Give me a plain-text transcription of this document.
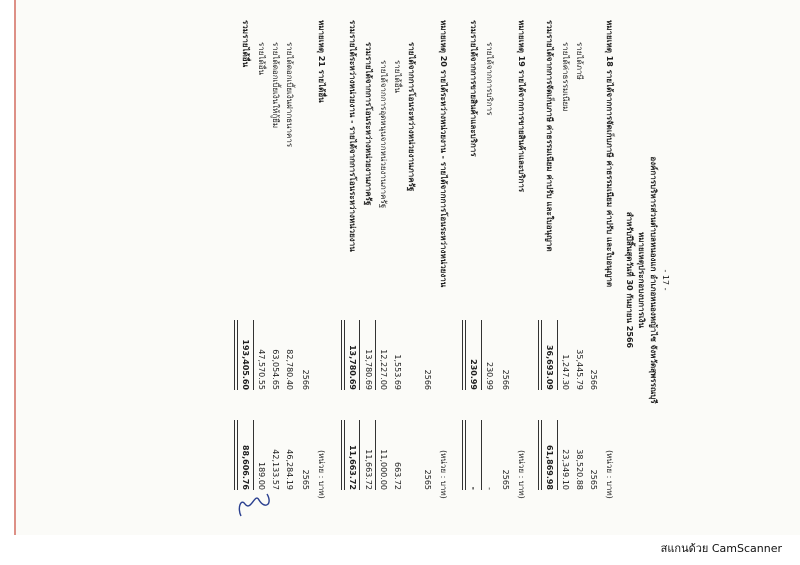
- 17 -
องค์การบริหารส่วนตำบลหนองแก อำเภอหนองหญ้าไซ จังหวัดสุพรรณบุรี
หมายเหตุประกอบงบการเงิน
สำหรับปีสิ้นสุดวันที่ 30 กันยายน 2566
หมายเหตุ 18 รายได้จากการจัดเก็บภาษี ค่าธรรมเนียม ค่าปรับ และใบอนุญาต
(หน่วย : บาท)
2566
2565
รายได้ภาษี
35,445.79
38,520.88
รายได้ค่าธรรมเนียม
1,247.30
23,349.10
รวมรายได้จากการจัดเก็บภาษี ค่าธรรมเนียม ค่าปรับ และใบอนุญาต
36,693.09
61,869.98
หมายเหตุ 19 รายได้จากการขายสินค้าและบริการ
(หน่วย : บาท)
2566
2565
รายได้จากการบริการ
230.99
-
รวมรายได้จากการขายสินค้าและบริการ
230.99
-
หมายเหตุ 20 รายได้ระหว่างหน่วยงาน - รายได้จากการโอนระหว่างหน่วยงาน
(หน่วย : บาท)
2566
2565
รายได้จากการโอนระหว่างหน่วยงานภาครัฐ
รายได้อื่น
1,553.69
663.72
รายได้จากการอุดหนุนจากหน่วยงานภาครัฐ
12,227.00
11,000.00
รวมรายได้จากการโอนระหว่างหน่วยงานภาครัฐ
13,780.69
11,663.72
รวมรายได้ระหว่างหน่วยงาน - รายได้จากการโอนระหว่างหน่วยงาน
13,780.69
11,663.72
หมายเหตุ 21 รายได้อื่น
(หน่วย : บาท)
2566
2565
รายได้ดอกเบี้ยเงินฝากธนาคาร
82,780.40
46,284.19
รายได้ดอกเบี้ยเงินให้กู้ยืม
63,054.65
42,133.57
รายได้อื่น
47,570.55
189.00
รวมรายได้อื่น
193,405.60
88,606.76
สแกนด้วย CamScanner
